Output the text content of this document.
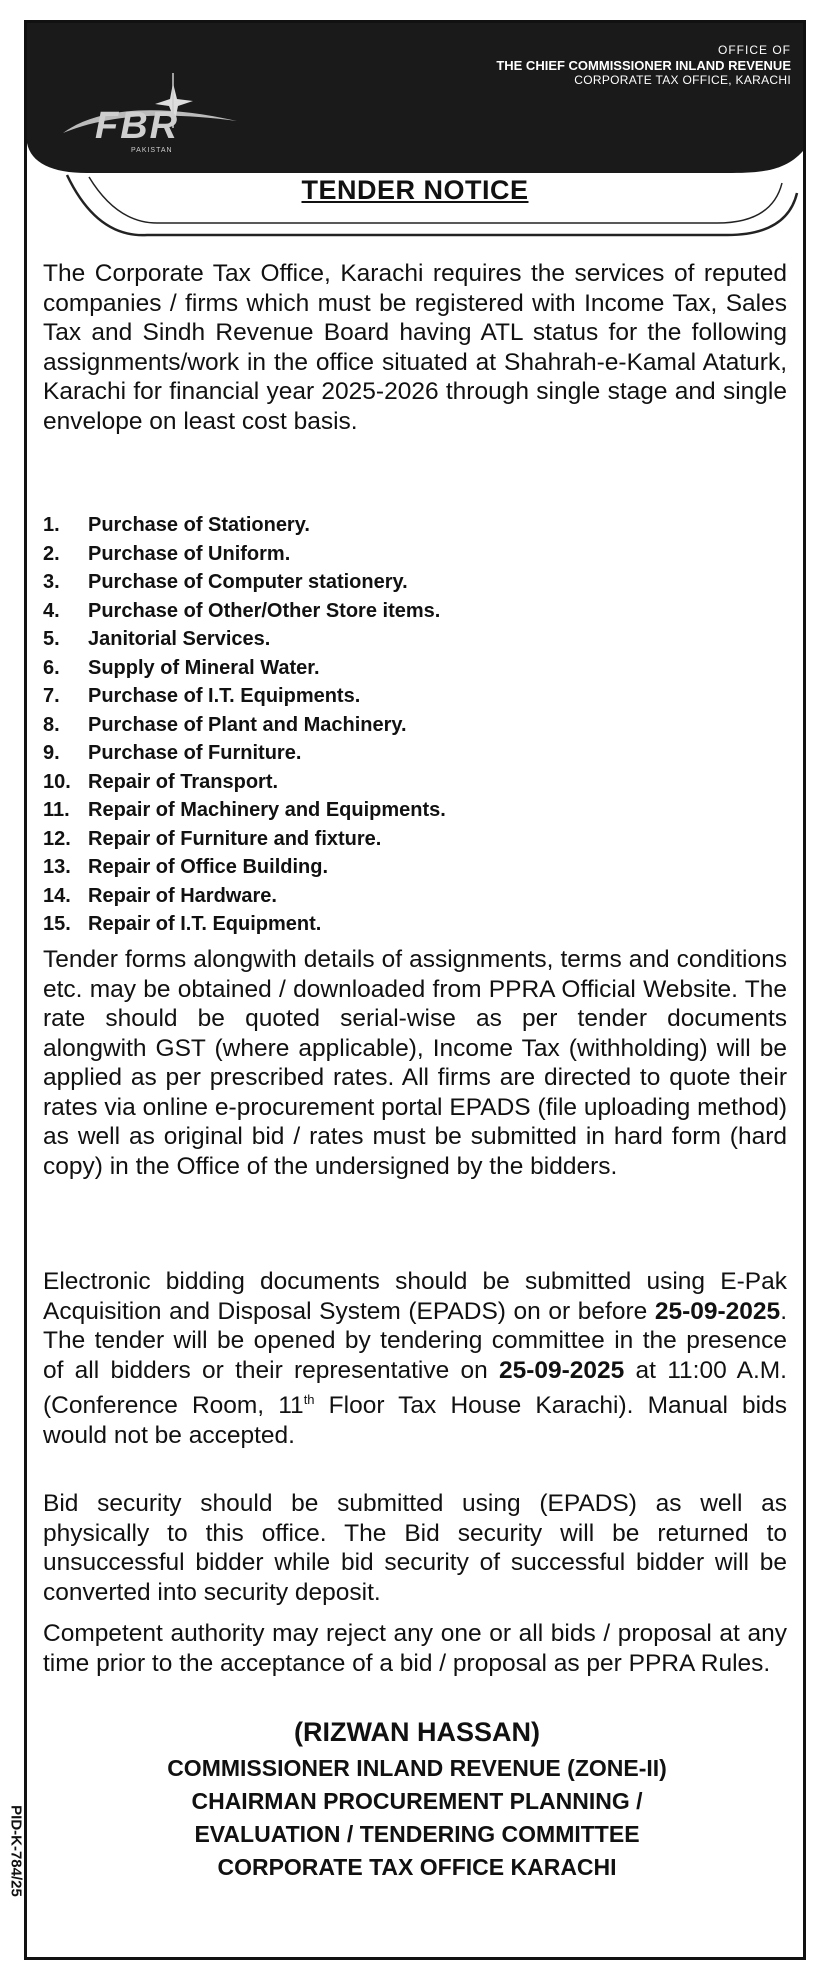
FBR
PAKISTAN
OFFICE OF
THE CHIEF COMMISSIONER INLAND REVENUE
CORPORATE TAX OFFICE, KARACHI
TENDER NOTICE
The Corporate Tax Office, Karachi requires the services of reputed companies / firms which must be registered with Income Tax, Sales Tax and Sindh Revenue Board having ATL status for the following assignments/work in the office situated at Shahrah-e-Kamal Ataturk, Karachi for financial year 2025-2026 through single stage and single envelope on least cost basis.
1.	Purchase of Stationery.
2.	Purchase of Uniform.
3.	Purchase of Computer stationery.
4.	Purchase of Other/Other Store items.
5.	Janitorial Services.
6.	Supply of Mineral Water.
7.	Purchase of I.T. Equipments.
8.	Purchase of Plant and Machinery.
9.	Purchase of Furniture.
10. Repair of Transport.
11. Repair of Machinery and Equipments.
12. Repair of Furniture and fixture.
13. Repair of Office Building.
14. Repair of Hardware.
15. Repair of I.T. Equipment.
Tender forms alongwith details of assignments, terms and conditions etc. may be obtained / downloaded from PPRA Official Website. The rate should be quoted serial-wise as per tender documents alongwith GST (where applicable), Income Tax (withholding) will be applied as per prescribed rates. All firms are directed to quote their rates via online e-procurement portal EPADS (file uploading method) as well as original bid / rates must be submitted in hard form (hard copy) in the Office of the undersigned by the bidders.
Electronic bidding documents should be submitted using E-Pak Acquisition and Disposal System (EPADS) on or before 25-09-2025. The tender will be opened by tendering committee in the presence of all bidders or their representative on 25-09-2025 at 11:00 A.M. (Conference Room, 11th Floor Tax House Karachi). Manual bids would not be accepted.
Bid security should be submitted using (EPADS) as well as physically to this office. The Bid security will be returned to unsuccessful bidder while bid security of successful bidder will be converted into security deposit.
Competent authority may reject any one or all bids / proposal at any time prior to the acceptance of a bid / proposal as per PPRA Rules.
(RIZWAN HASSAN)
COMMISSIONER INLAND REVENUE (ZONE-II)
CHAIRMAN PROCUREMENT PLANNING /
EVALUATION / TENDERING COMMITTEE
CORPORATE TAX OFFICE KARACHI
PID-K-784/25
